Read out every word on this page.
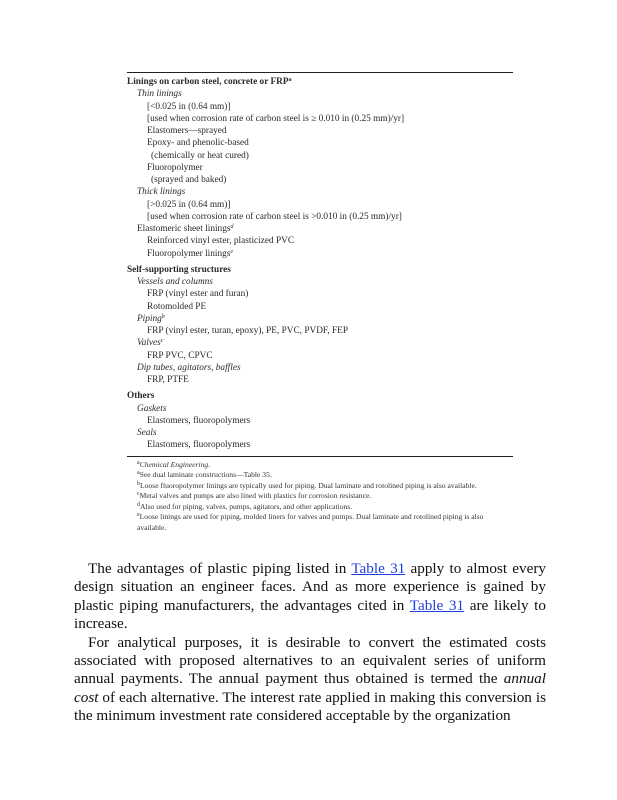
Linings on carbon steel, concrete or FRP$^a$
Thin linings
[<0.025 in (0.64 mm)]
[used when corrosion rate of carbon steel is ≥ 0.010 in (0.25 mm)/yr]
Elastomers—sprayed
Epoxy- and phenolic-based
(chemically or heat cured)
Fluoropolymer
(sprayed and baked)
Thick linings
[>0.025 in (0.64 mm)]
[used when corrosion rate of carbon steel is >0.010 in (0.25 mm)/yr]
Elastomeric sheet linings$^d$
Reinforced vinyl ester, plasticized PVC
Fluoropolymer linings$^e$
Self-supporting structures
Vessels and columns
FRP (vinyl ester and furan)
Rotomolded PE
Piping$^b$
FRP (vinyl ester, turan, epoxy), PE, PVC, PVDF, FEP
Valves$^c$
FRP PVC, CPVC
Dip tubes, agitators, baffles
FRP, PTFE
Others
Gaskets
Elastomers, fluoropolymers
Seals
Elastomers, fluoropolymers
$^a$Chemical Engineering.
$^a$See dual laminate constructions—Table 35.
$^b$Loose fluoropolymer linings are typically used for piping. Dual laminate and rotolined piping is also available.
$^c$Metal valves and pumps are also lined with plastics for corrosion resistance.
$^d$Also used for piping, valves, pumps, agitators, and other applications.
$^e$Loose linings are used for piping, molded liners for valves and pumps. Dual laminate and rotolined piping is also available.

The advantages of plastic piping listed in Table 31 apply to almost every design situation an engineer faces. And as more experience is gained by plastic piping manufacturers, the advantages cited in Table 31 are likely to increase.

For analytical purposes, it is desirable to convert the estimated costs associated with proposed alternatives to an equivalent series of uniform annual payments. The annual payment thus obtained is termed the annual cost of each alternative. The interest rate applied in making this conversion is the minimum investment rate considered acceptable by the organization
